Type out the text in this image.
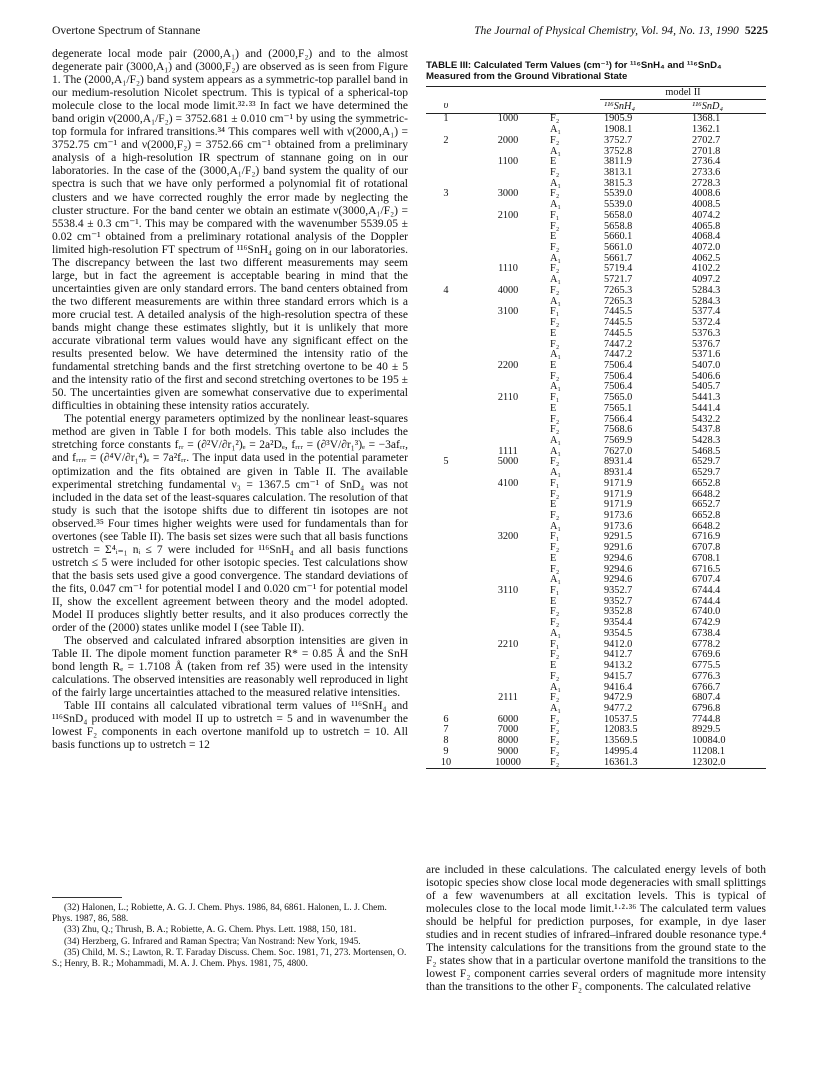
Overtone Spectrum of Stannane	The Journal of Physical Chemistry, Vol. 94, No. 13, 1990 5225

degenerate local mode pair (2000,A₁) and (2000,F₂) and to the almost degenerate pair (3000,A₁) and (3000,F₂) are observed as is seen from Figure 1. The (2000,A₁/F₂) band system appears as a symmetric-top parallel band in our medium-resolution Nicolet spectrum. This is typical of a spherical-top molecule close to the local mode limit.³²·³³ In fact we have determined the band origin ν(2000,A₁/F₂) = 3752.681 ± 0.010 cm⁻¹ by using the symmetric-top formula for infrared transitions.³⁴ This compares well with ν(2000,A₁) = 3752.75 cm⁻¹ and ν(2000,F₂) = 3752.66 cm⁻¹ obtained from a preliminary analysis of a high-resolution IR spectrum of stannane going on in our laboratories. In the case of the (3000,A₁/F₂) band system the quality of our spectra is such that we have only performed a polynomial fit of rotational clusters and we have corrected roughly the error made by neglecting the cluster structure. For the band center we obtain an estimate ν(3000,A₁/F₂) = 5538.4 ± 0.3 cm⁻¹. This may be compared with the wavenumber 5539.05 ± 0.02 cm⁻¹ obtained from a preliminary rotational analysis of the Doppler limited high-resolution FT spectrum of ¹¹⁶SnH₄ going on in our laboratories. The discrepancy between the last two different measurements may seem large, but in fact the agreement is acceptable bearing in mind that the uncertainties given are only standard errors. The band centers obtained from the two different measurements are within three standard errors which is a more crucial test. A detailed analysis of the high-resolution spectra of these bands might change these estimates slightly, but it is unlikely that more accurate vibrational term values would have any significant effect on the results presented below. We have determined the intensity ratio of the fundamental stretching bands and the first stretching overtone to be 40 ± 5 and the intensity ratio of the first and second stretching overtones to be 195 ± 50. The uncertainties given are somewhat conservative due to experimental difficulties in obtaining these intensity ratios accurately.

The potential energy parameters optimized by the nonlinear least-squares method are given in Table I for both models. This table also includes the stretching force constants fᵣᵣ = (∂²V/∂r₁²)ₑ = 2a²Dₑ, fᵣᵣᵣ = (∂³V/∂r₁³)ₑ = −3afᵣᵣ, and fᵣᵣᵣᵣ = (∂⁴V/∂r₁⁴)ₑ = 7a²fᵣᵣ. The input data used in the potential parameter optimization and the fits obtained are given in Table II. The available experimental stretching fundamental ν₃ = 1367.5 cm⁻¹ of SnD₄ was not included in the data set of the least-squares calculation. The resolution of that study is such that the isotope shifts due to different tin isotopes are not observed.³⁵ Four times higher weights were used for fundamentals than for overtones (see Table II). The basis set sizes were such that all basis functions υstretch = Σ⁴ᵢ₌₁ nᵢ ≤ 7 were included for ¹¹⁶SnH₄ and all basis functions υstretch ≤ 5 were included for other isotopic species. Test calculations show that the basis sets used give a good convergence. The standard deviations of the fits, 0.047 cm⁻¹ for potential model I and 0.020 cm⁻¹ for potential model II, show the excellent agreement between theory and the model adopted. Model II produces slightly better results, and it also produces correctly the order of the (2000) states unlike model I (see Table II).

The observed and calculated infrared absorption intensities are given in Table II. The dipole moment function parameter R* = 0.85 Å and the SnH bond length Rₑ = 1.7108 Å (taken from ref 35) were used in the intensity calculations. The observed intensities are reasonably well reproduced in light of the fairly large uncertainties attached to the measured relative intensities.

Table III contains all calculated vibrational term values of ¹¹⁶SnH₄ and ¹¹⁶SnD₄ produced with model II up to υstretch = 5 and in wavenumber the lowest F₂ components in each overtone manifold up to υstretch = 10. All basis functions up to υstretch = 12

(32) Halonen, L.; Robiette, A. G. J. Chem. Phys. 1986, 84, 6861. Halonen, L. J. Chem. Phys. 1987, 86, 588.

(33) Zhu, Q.; Thrush, B. A.; Robiette, A. G. Chem. Phys. Lett. 1988, 150, 181.

(34) Herzberg, G. Infrared and Raman Spectra; Van Nostrand: New York, 1945.

(35) Child, M. S.; Lawton, R. T. Faraday Discuss. Chem. Soc. 1981, 71, 273. Mortensen, O. S.; Henry, B. R.; Mohammadi, M. A. J. Chem. Phys. 1981, 75, 4800.

TABLE III: Calculated Term Values (cm⁻¹) for ¹¹⁶SnH₄ and ¹¹⁶SnD₄ Measured from the Ground Vibrational State
			model II	
υ			¹¹⁶SnH₄	¹¹⁶SnD₄
1	1000	F₂	1905.9	1368.1
		A₁	1908.1	1362.1
2	2000	F₂	3752.7	2702.7
		A₁	3752.8	2701.8
	1100	E	3811.9	2736.4
		F₂	3813.1	2733.6
		A₁	3815.3	2728.3
3	3000	F₂	5539.0	4008.6
		A₁	5539.0	4008.5
	2100	F₁	5658.0	4074.2
		F₂	5658.8	4065.8
		E	5660.1	4068.4
		F₂	5661.0	4072.0
		A₁	5661.7	4062.5
	1110	F₂	5719.4	4102.2
		A₁	5721.7	4097.2
4	4000	F₂	7265.3	5284.3
		A₁	7265.3	5284.3
	3100	F₁	7445.5	5377.4
		F₂	7445.5	5372.4
		E	7445.5	5376.3
		F₂	7447.2	5376.7
		A₁	7447.2	5371.6
	2200	E	7506.4	5407.0
		F₂	7506.4	5406.6
		A₁	7506.4	5405.7
	2110	F₁	7565.0	5441.3
		E	7565.1	5441.4
		F₂	7566.4	5432.2
		F₂	7568.6	5437.8
		A₁	7569.9	5428.3
	1111	A₁	7627.0	5468.5
5	5000	F₂	8931.4	6529.7
		A₁	8931.4	6529.7
	4100	F₁	9171.9	6652.8
		F₂	9171.9	6648.2
		E	9171.9	6652.7
		F₂	9173.6	6652.8
		A₁	9173.6	6648.2
	3200	F₁	9291.5	6716.9
		F₂	9291.6	6707.8
		E	9294.6	6708.1
		F₂	9294.6	6716.5
		A₁	9294.6	6707.4
	3110	F₁	9352.7	6744.4
		E	9352.7	6744.4
		F₂	9352.8	6740.0
		F₂	9354.4	6742.9
		A₁	9354.5	6738.4
	2210	F₁	9412.0	6778.2
		F₂	9412.7	6769.6
		E	9413.2	6775.5
		F₂	9415.7	6776.3
		A₁	9416.4	6766.7
	2111	F₂	9472.9	6807.4
		A₁	9477.2	6796.8
6	6000	F₂	10537.5	7744.8
7	7000	F₂	12083.5	8929.5
8	8000	F₂	13569.5	10084.0
9	9000	F₂	14995.4	11208.1
10	10000	F₂	16361.3	12302.0

are included in these calculations. The calculated energy levels of both isotopic species show close local mode degeneracies with small splittings of a few wavenumbers at all excitation levels. This is typical of molecules close to the local mode limit.¹·²·³⁶ The calculated term values should be helpful for prediction purposes, for example, in dye laser studies and in recent studies of infrared–infrared double resonance type.⁴ The intensity calculations for the transitions from the ground state to the F₂ states show that in a particular overtone manifold the transitions to the lowest F₂ component carries several orders of magnitude more intensity than the transitions to the other F₂ components. The calculated relative
